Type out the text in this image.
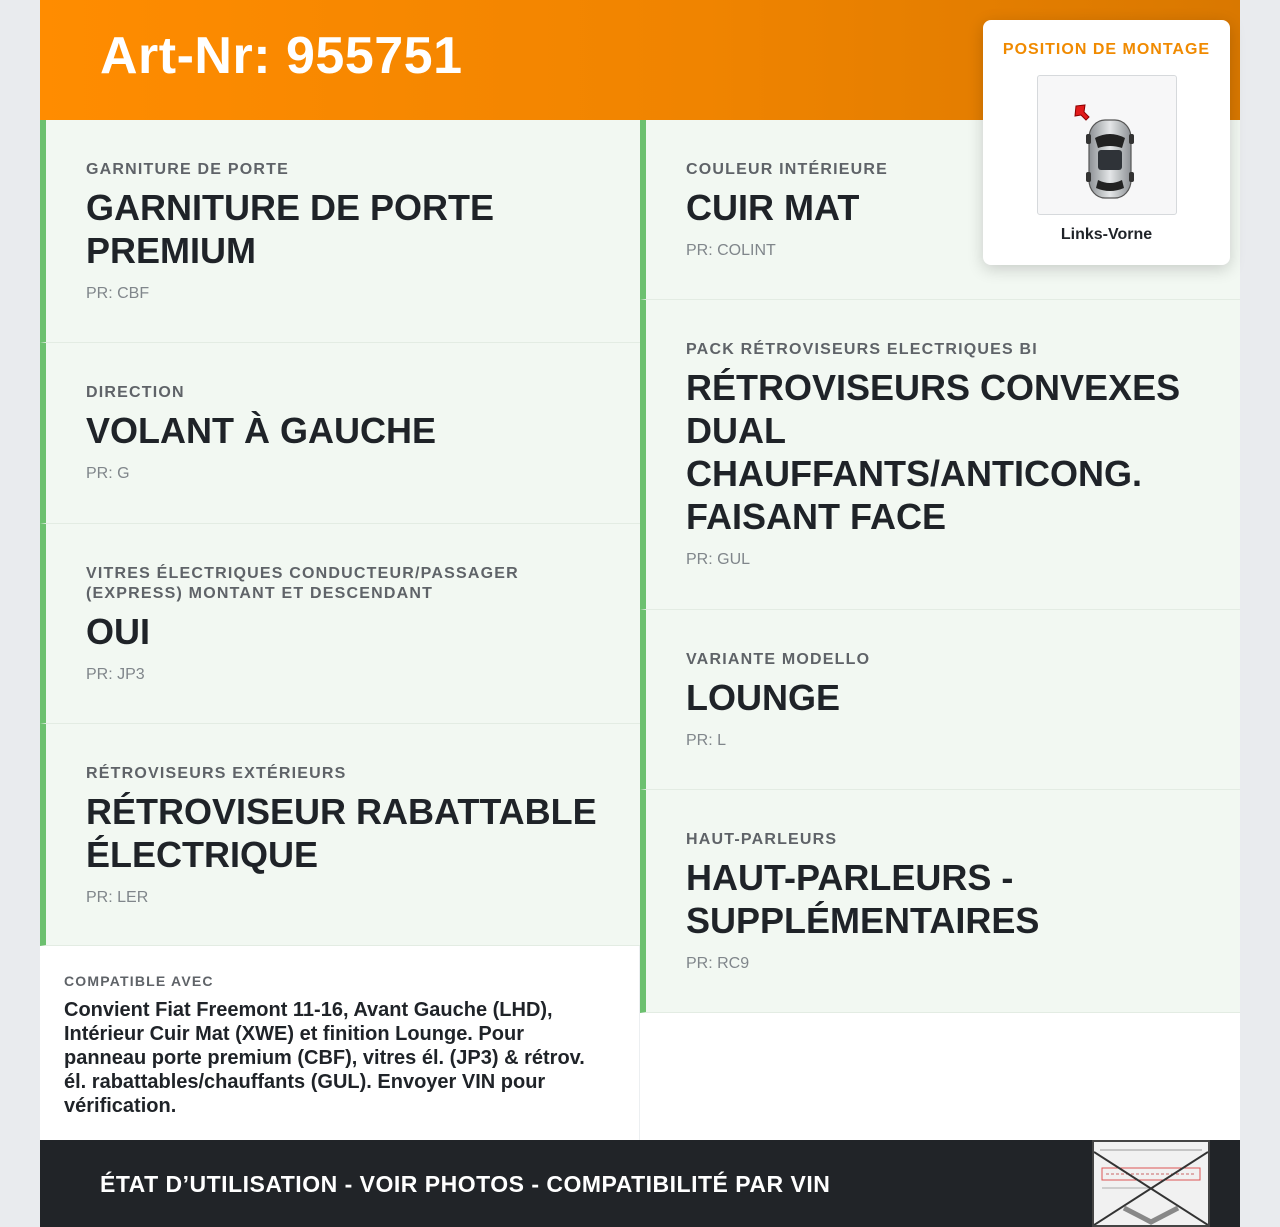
Art-Nr: 955751
GARNITURE DE PORTE
GARNITURE DE PORTE PREMIUM
PR: CBF
DIRECTION
VOLANT À GAUCHE
PR: G
VITRES ÉLECTRIQUES CONDUCTEUR/PASSAGER (EXPRESS) MONTANT ET DESCENDANT
OUI
PR: JP3
RÉTROVISEURS EXTÉRIEURS
RÉTROVISEUR RABATTABLE ÉLECTRIQUE
PR: LER
COULEUR INTÉRIEURE
CUIR MAT
PR: COLINT
PACK RÉTROVISEURS ELECTRIQUES BI
RÉTROVISEURS CONVEXES DUAL CHAUFFANTS/ANTICONG. FAISANT FACE
PR: GUL
VARIANTE MODELLO
LOUNGE
PR: L
HAUT-PARLEURS
HAUT-PARLEURS - SUPPLÉMENTAIRES
PR: RC9
COMPATIBLE AVEC
Convient Fiat Freemont 11-16, Avant Gauche (LHD), Intérieur Cuir Mat (XWE) et finition Lounge. Pour panneau porte premium (CBF), vitres él. (JP3) & rétrov. él. rabattables/chauffants (GUL). Envoyer VIN pour vérification.
ÉTAT D’UTILISATION - VOIR PHOTOS - COMPATIBILITÉ PAR VIN
POSITION DE MONTAGE
Links-Vorne
